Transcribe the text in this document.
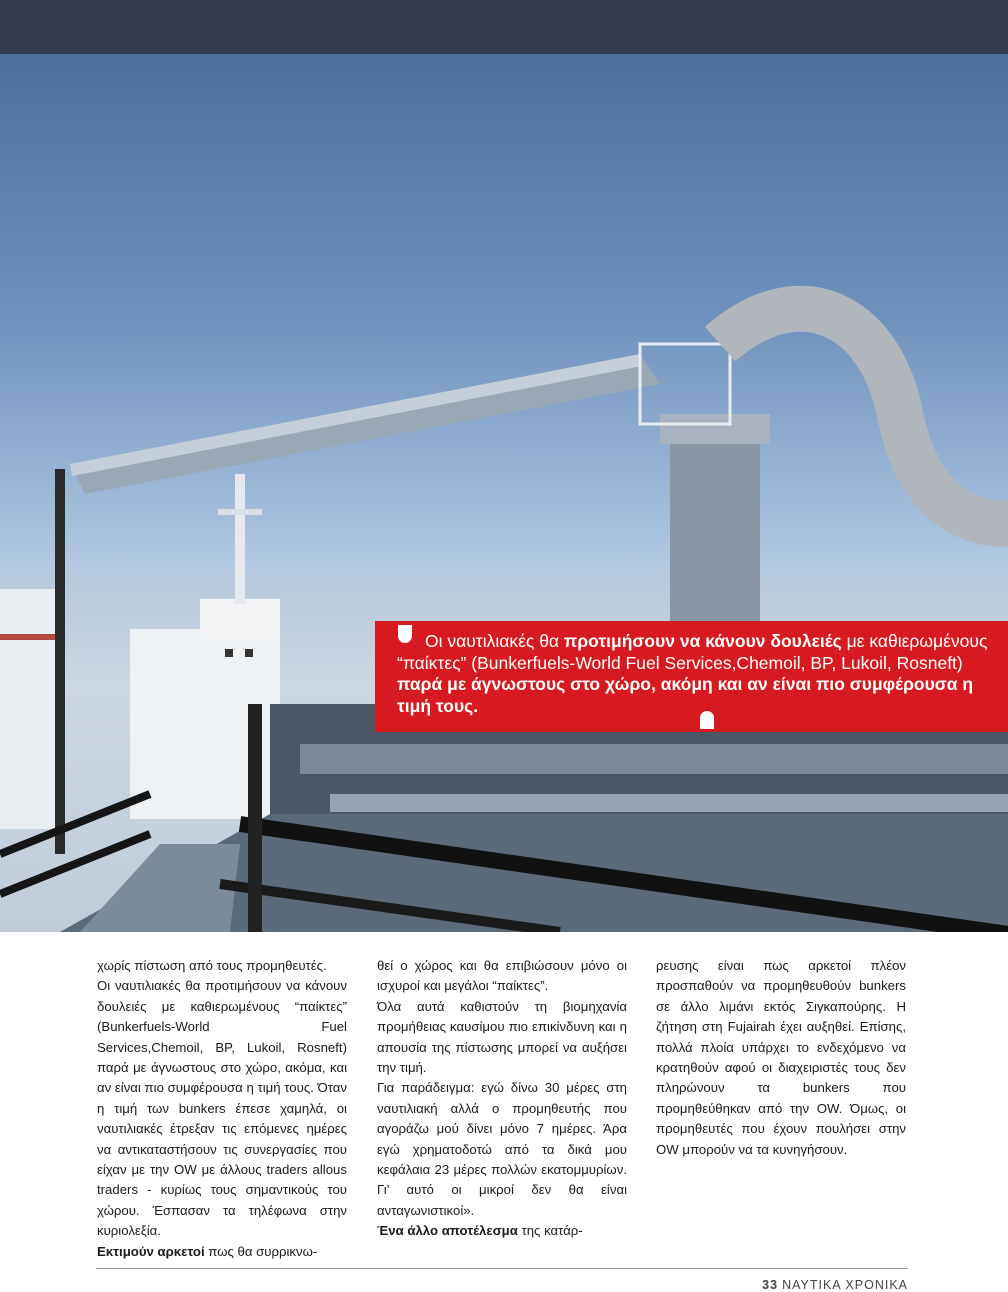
Οι ναυτιλιακές θα προτιμήσουν να κάνουν δουλειές με καθιερωμένους “παίκτες” (Bunkerfuels-World Fuel Services,Chemoil, BP, Lukoil, Rosneft) παρά με άγνωστους στο χώρο, ακόμη και αν είναι πιο συμφέρουσα η τιμή τους.

χωρίς πίστωση από τους προμηθευτές.

Οι ναυτιλιακές θα προτιμήσουν να κάνουν δουλειές με καθιερωμένους “παίκτες” (Bunkerfuels-World Fuel Services,Chemoil, BP, Lukoil, Rosneft) παρά με άγνωστους στο χώρο, ακόμα, και αν είναι πιο συμφέρουσα η τιμή τους. Όταν η τιμή των bunkers έπεσε χαμηλά, οι ναυτιλιακές έτρεξαν τις επόμενες ημέρες να αντικαταστήσουν τις συνεργασίες που είχαν με την OW με άλλους traders allous traders - κυρίως τους σημαντικούς του χώρου. Έσπασαν τα τηλέφωνα στην κυριολεξία.

Εκτιμούν αρκετοί πως θα συρρικνω-

θεί ο χώρος και θα επιβιώσουν μόνο οι ισχυροί και μεγάλοι “παίκτες”.

Όλα αυτά καθιστούν τη βιομηχανία προμήθειας καυσίμου πιο επικίνδυνη και η απουσία της πίστωσης μπορεί να αυξήσει την τιμή.

Για παράδειγμα: εγώ δίνω 30 μέρες στη ναυτιλιακή αλλά ο προμηθευτής που αγοράζω μού δίνει μόνο 7 ημέρες. Άρα εγώ χρηματοδοτώ από τα δικά μου κεφάλαια 23 μέρες πολλών εκατομμυρίων. Γι’ αυτό οι μικροί δεν θα είναι ανταγωνιστικοί».

Ένα άλλο αποτέλεσμα της κατάρ-

ρευσης είναι πως αρκετοί πλέον προσπαθούν να προμηθευθούν bunkers σε άλλο λιμάνι εκτός Σιγκαπούρης. Η ζήτηση στη Fujairah έχει αυξηθεί. Επίσης, πολλά πλοία υπάρχει το ενδεχόμενο να κρατηθούν αφού οι διαχειριστές τους δεν πληρώνουν τα bunkers που προμηθεύθηκαν από την OW. Όμως, οι προμηθευτές που έχουν πουλήσει στην OW μπορούν να τα κυνηγήσουν.

33 ΝΑΥΤΙΚΑ ΧΡΟΝΙΚΑ
